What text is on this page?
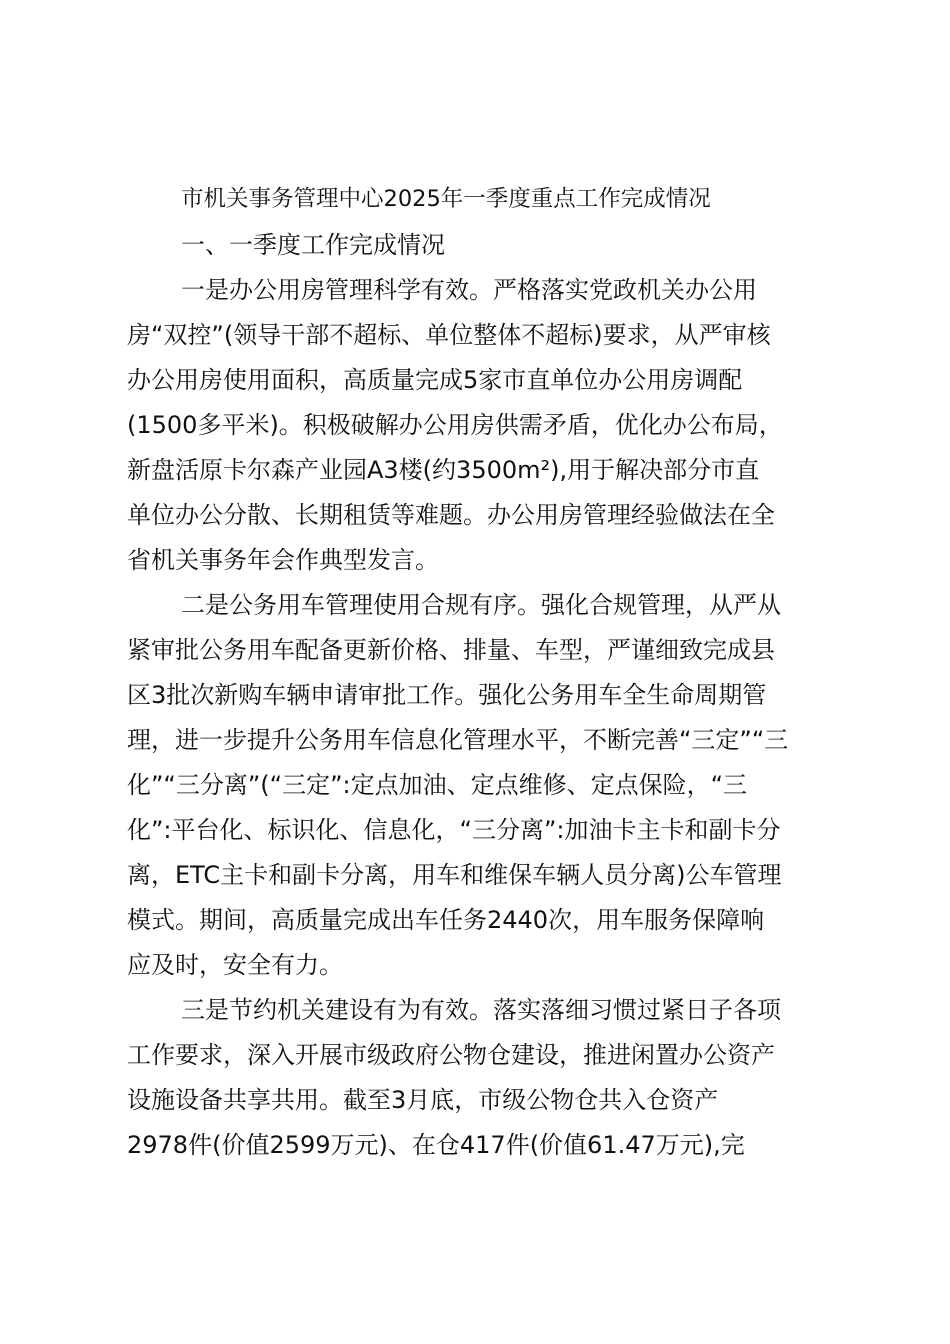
市机关事务管理中心2025年一季度重点工作完成情况
一、一季度工作完成情况
一是办公用房管理科学有效。严格落实党政机关办公用
房“双控”(领导干部不超标、单位整体不超标)要求，从严审核
办公用房使用面积，高质量完成5家市直单位办公用房调配
(1500多平米)。积极破解办公用房供需矛盾，优化办公布局，
新盘活原卡尔森产业园A3楼(约3500m²),用于解决部分市直
单位办公分散、长期租赁等难题。办公用房管理经验做法在全
省机关事务年会作典型发言。
二是公务用车管理使用合规有序。强化合规管理，从严从
紧审批公务用车配备更新价格、排量、车型，严谨细致完成县
区3批次新购车辆申请审批工作。强化公务用车全生命周期管
理，进一步提升公务用车信息化管理水平，不断完善“三定”“三
化”“三分离”(“三定”:定点加油、定点维修、定点保险，“三
化”:平台化、标识化、信息化，“三分离”:加油卡主卡和副卡分
离，ETC主卡和副卡分离，用车和维保车辆人员分离)公车管理
模式。期间，高质量完成出车任务2440次，用车服务保障响
应及时，安全有力。
三是节约机关建设有为有效。落实落细习惯过紧日子各项
工作要求，深入开展市级政府公物仓建设，推进闲置办公资产
设施设备共享共用。截至3月底，市级公物仓共入仓资产
2978件(价值2599万元)、在仓417件(价值61.47万元),完
